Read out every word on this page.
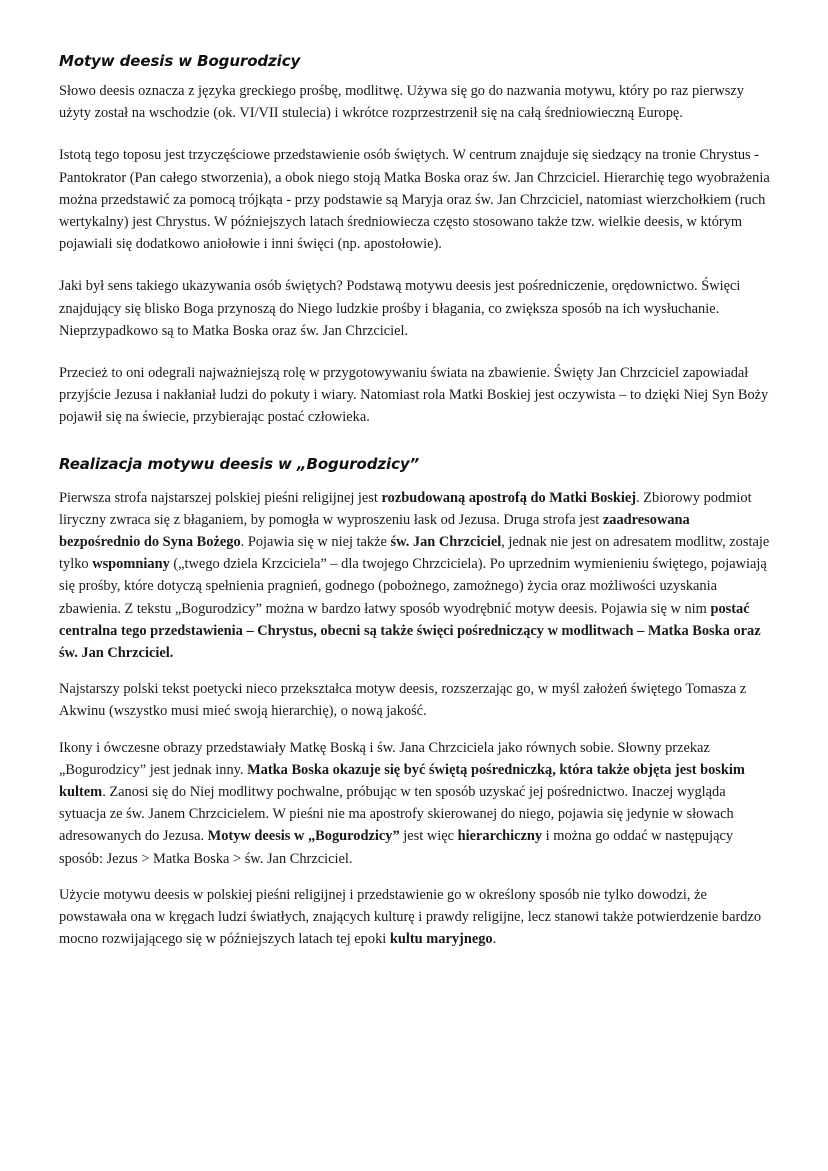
Motyw deesis w Bogurodzicy

Słowo deesis oznacza z języka greckiego prośbę, modlitwę. Używa się go do nazwania motywu, który po raz pierwszy użyty został na wschodzie (ok. VI/VII stulecia) i wkrótce rozprzestrzenił się na całą średniowieczną Europę.

Istotą tego toposu jest trzyczęściowe przedstawienie osób świętych. W centrum znajduje się siedzący na tronie Chrystus - Pantokrator (Pan całego stworzenia), a obok niego stoją Matka Boska oraz św. Jan Chrzciciel. Hierarchię tego wyobrażenia można przedstawić za pomocą trójkąta - przy podstawie są Maryja oraz św. Jan Chrzciciel, natomiast wierzchołkiem (ruch wertykalny) jest Chrystus. W późniejszych latach średniowiecza często stosowano także tzw. wielkie deesis, w którym pojawiali się dodatkowo aniołowie i inni święci (np. apostołowie).

Jaki był sens takiego ukazywania osób świętych? Podstawą motywu deesis jest pośredniczenie, orędownictwo. Święci znajdujący się blisko Boga przynoszą do Niego ludzkie prośby i błagania, co zwiększa sposób na ich wysłuchanie. Nieprzypadkowo są to Matka Boska oraz św. Jan Chrzciciel.

Przecież to oni odegrali najważniejszą rolę w przygotowywaniu świata na zbawienie. Święty Jan Chrzciciel zapowiadał przyjście Jezusa i nakłaniał ludzi do pokuty i wiary. Natomiast rola Matki Boskiej jest oczywista – to dzięki Niej Syn Boży pojawił się na świecie, przybierając postać człowieka.

Realizacja motywu deesis w „Bogurodzicy”

Pierwsza strofa najstarszej polskiej pieśni religijnej jest rozbudowaną apostrofą do Matki Boskiej. Zbiorowy podmiot liryczny zwraca się z błaganiem, by pomogła w wyproszeniu łask od Jezusa. Druga strofa jest zaadresowana bezpośrednio do Syna Bożego. Pojawia się w niej także św. Jan Chrzciciel, jednak nie jest on adresatem modlitw, zostaje tylko wspomniany („twego dziela Krzciciela” – dla twojego Chrzciciela). Po uprzednim wymienieniu świętego, pojawiają się prośby, które dotyczą spełnienia pragnień, godnego (pobożnego, zamożnego) życia oraz możliwości uzyskania zbawienia. Z tekstu „Bogurodzicy” można w bardzo łatwy sposób wyodrębnić motyw deesis. Pojawia się w nim postać centralna tego przedstawienia – Chrystus, obecni są także święci pośredniczący w modlitwach – Matka Boska oraz św. Jan Chrzciciel.

Najstarszy polski tekst poetycki nieco przekształca motyw deesis, rozszerzając go, w myśl założeń świętego Tomasza z Akwinu (wszystko musi mieć swoją hierarchię), o nową jakość.

Ikony i ówczesne obrazy przedstawiały Matkę Boską i św. Jana Chrzciciela jako równych sobie. Słowny przekaz „Bogurodzicy” jest jednak inny. Matka Boska okazuje się być świętą pośredniczką, która także objęta jest boskim kultem. Zanosi się do Niej modlitwy pochwalne, próbując w ten sposób uzyskać jej pośrednictwo. Inaczej wygląda sytuacja ze św. Janem Chrzcicielem. W pieśni nie ma apostrofy skierowanej do niego, pojawia się jedynie w słowach adresowanych do Jezusa. Motyw deesis w „Bogurodzicy” jest więc hierarchiczny i można go oddać w następujący sposób: Jezus > Matka Boska > św. Jan Chrzciciel.

Użycie motywu deesis w polskiej pieśni religijnej i przedstawienie go w określony sposób nie tylko dowodzi, że powstawała ona w kręgach ludzi światłych, znających kulturę i prawdy religijne, lecz stanowi także potwierdzenie bardzo mocno rozwijającego się w późniejszych latach tej epoki kultu maryjnego.
